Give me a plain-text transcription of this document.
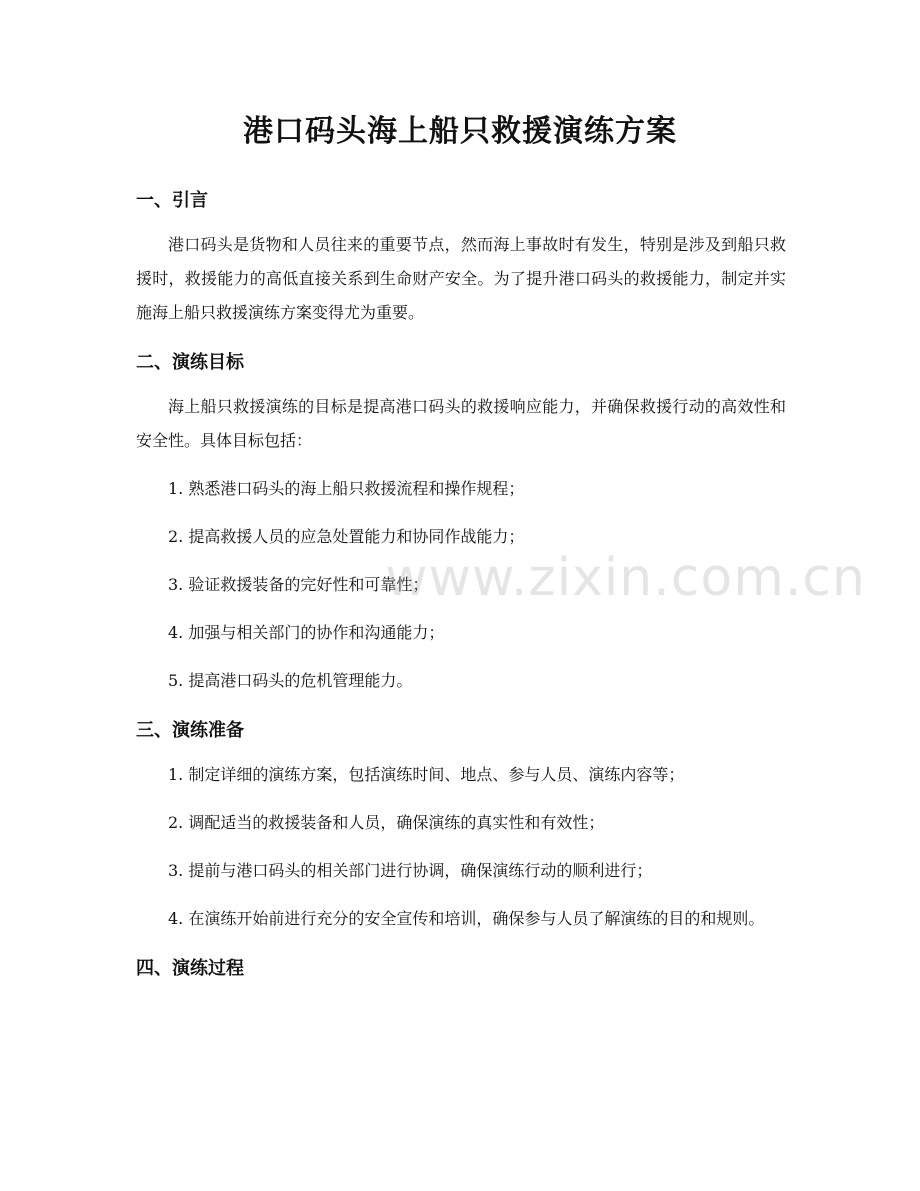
港口码头海上船只救援演练方案
一、引言

港口码头是货物和人员往来的重要节点，然而海上事故时有发生，特别是涉及到船只救援时，救援能力的高低直接关系到生命财产安全。为了提升港口码头的救援能力，制定并实施海上船只救援演练方案变得尤为重要。

二、演练目标

海上船只救援演练的目标是提高港口码头的救援响应能力，并确保救援行动的高效性和安全性。具体目标包括：

1. 熟悉港口码头的海上船只救援流程和操作规程；

2. 提高救援人员的应急处置能力和协同作战能力；

3. 验证救援装备的完好性和可靠性；

4. 加强与相关部门的协作和沟通能力；

5. 提高港口码头的危机管理能力。

三、演练准备

1. 制定详细的演练方案，包括演练时间、地点、参与人员、演练内容等；

2. 调配适当的救援装备和人员，确保演练的真实性和有效性；

3. 提前与港口码头的相关部门进行协调，确保演练行动的顺利进行；

4. 在演练开始前进行充分的安全宣传和培训，确保参与人员了解演练的目的和规则。

四、演练过程
www.zixin.com.cn
